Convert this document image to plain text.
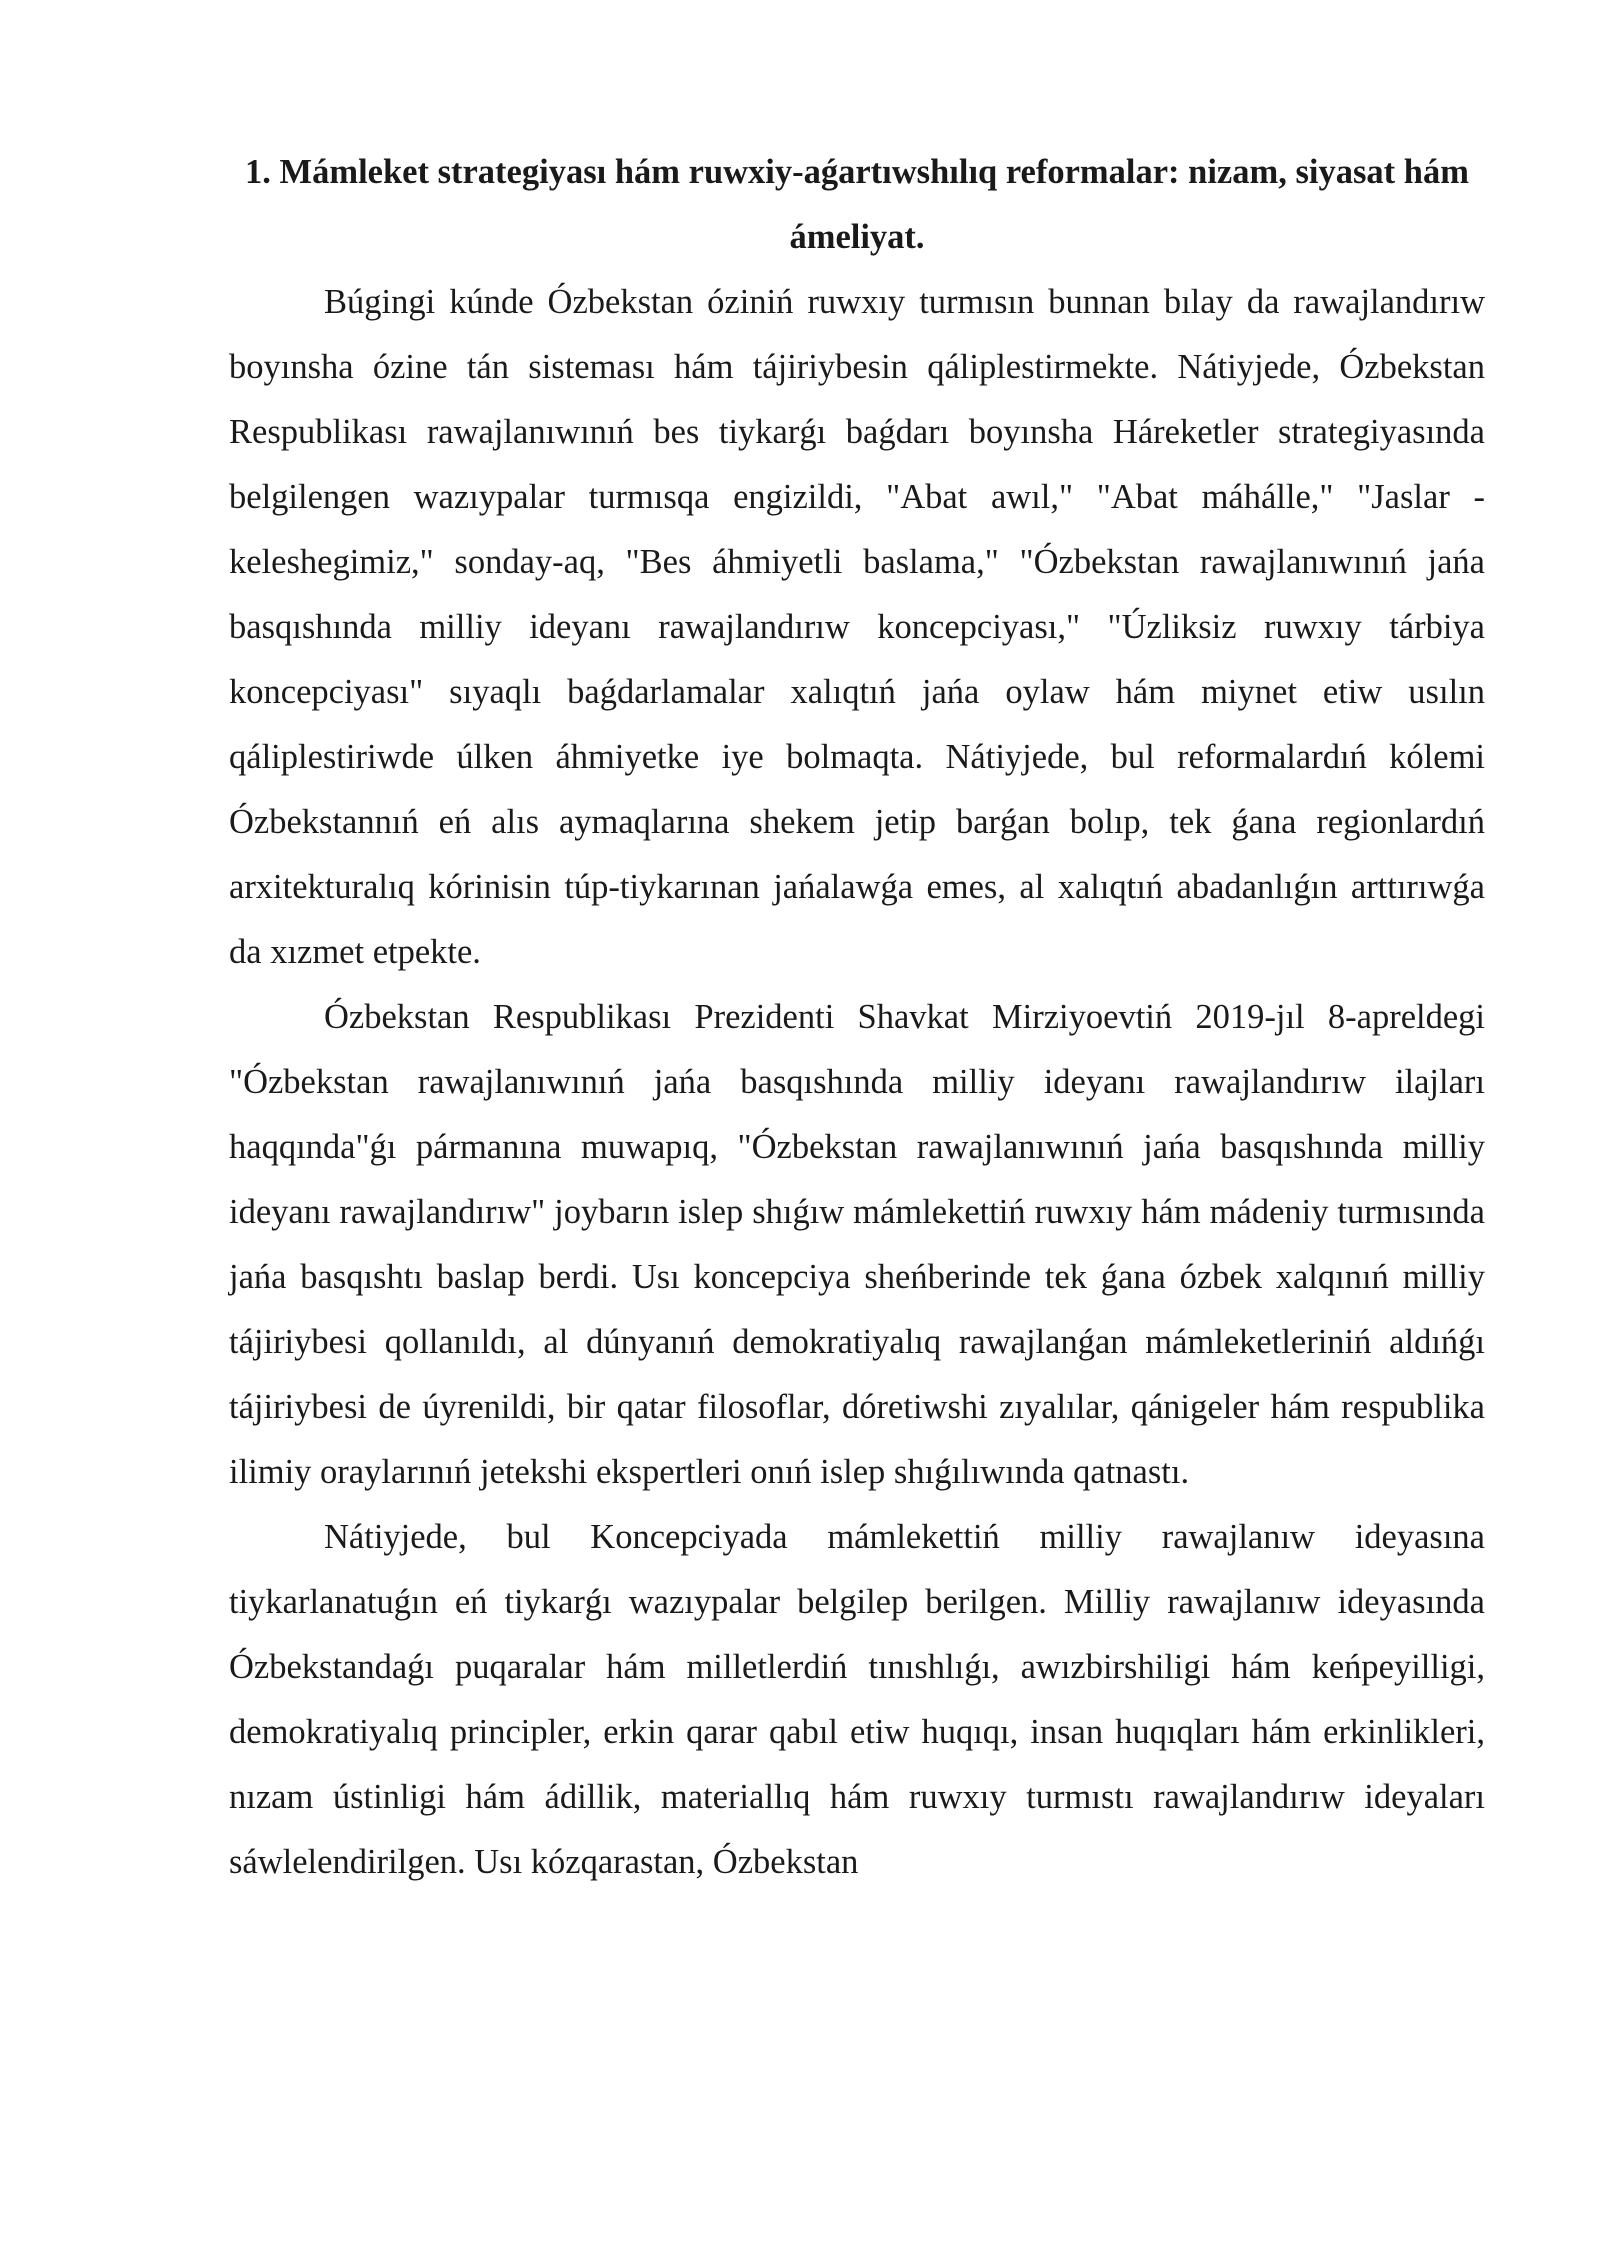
1. Mámleket strategiyası hám ruwxiy-aǵartıwshılıq reformalar: nizam, siyasat hám ámeliyat.

Búgingi kúnde Ózbekstan óziniń ruwxıy turmısın bunnan bılay da rawajlandırıw boyınsha ózine tán sisteması hám tájiriybesin qáliplestirmekte. Nátiyjede, Ózbekstan Respublikası rawajlanıwınıń bes tiykarǵı baǵdarı boyınsha Háreketler strategiyasında belgilengen wazıypalar turmısqa engizildi, "Abat awıl," "Abat máhálle," "Jaslar - keleshegimiz," sonday-aq, "Bes áhmiyetli baslama," "Ózbekstan rawajlanıwınıń jańa basqıshında milliy ideyanı rawajlandırıw koncepciyası," "Úzliksiz ruwxıy tárbiya koncepciyası" sıyaqlı baǵdarlamalar xalıqtıń jańa oylaw hám miynet etiw usılın qáliplestiriwde úlken áhmiyetke iye bolmaqta. Nátiyjede, bul reformalardıń kólemi Ózbekstannıń eń alıs aymaqlarına shekem jetip barǵan bolıp, tek ǵana regionlardıń arxitekturalıq kórinisin túp-tiykarınan jańalawǵa emes, al xalıqtıń abadanlıǵın arttırıwǵa da xızmet etpekte.

Ózbekstan Respublikası Prezidenti Shavkat Mirziyoevtiń 2019-jıl 8-apreldegi "Ózbekstan rawajlanıwınıń jańa basqıshında milliy ideyanı rawajlandırıw ilajları haqqında"ǵı pármanına muwapıq, "Ózbekstan rawajlanıwınıń jańa basqıshında milliy ideyanı rawajlandırıw" joybarın islep shıǵıw mámlekettiń ruwxıy hám mádeniy turmısında jańa basqıshtı baslap berdi. Usı koncepciya sheńberinde tek ǵana ózbek xalqınıń milliy tájiriybesi qollanıldı, al dúnyanıń demokratiyalıq rawajlanǵan mámleketleriniń aldıńǵı tájiriybesi de úyrenildi, bir qatar filosoflar, dóretiwshi zıyalılar, qánigeler hám respublika ilimiy oraylarınıń jetekshi ekspertleri onıń islep shıǵılıwında qatnastı.

Nátiyjede, bul Koncepciyada mámlekettiń milliy rawajlanıw ideyasına tiykarlanatuǵın eń tiykarǵı wazıypalar belgilep berilgen. Milliy rawajlanıw ideyasında Ózbekstandaǵı puqaralar hám milletlerdiń tınıshlıǵı, awızbirshiligi hám keńpeyilligi, demokratiyalıq principler, erkin qarar qabıl etiw huqıqı, insan huqıqları hám erkinlikleri, nızam ústinligi hám ádillik, materiallıq hám ruwxıy turmıstı rawajlandırıw ideyaları sáwlelendirilgen. Usı kózqarastan, Ózbekstan
